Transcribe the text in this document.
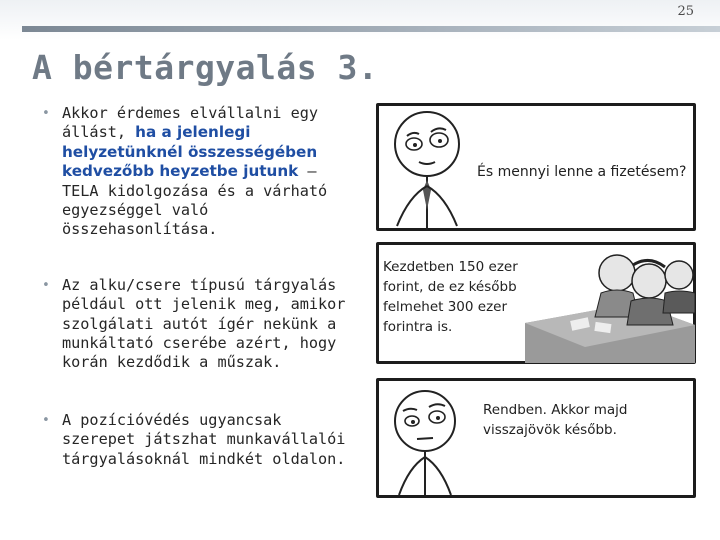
25
A bértárgyalás 3.
• Akkor érdemes elvállalni egy állást, ha a jelenlegi helyzetünknél összességében kedvezőbb heyzetbe jutunk – TELA kidolgozása és a várható egyezséggel való összehasonlítása.
• Az alku/csere típusú tárgyalás például ott jelenik meg, amikor szolgálati autót ígér nekünk a munkáltató cserébe azért, hogy korán kezdődik a műszak.
• A pozícióvédés ugyancsak szerepet játszhat munkavállalói tárgyalásoknál mindkét oldalon.
És mennyi lenne a fizetésem?
Kezdetben 150 ezer
forint, de ez később
felmehet 300 ezer
forintra is.
Rendben. Akkor majd
visszajövök később.
